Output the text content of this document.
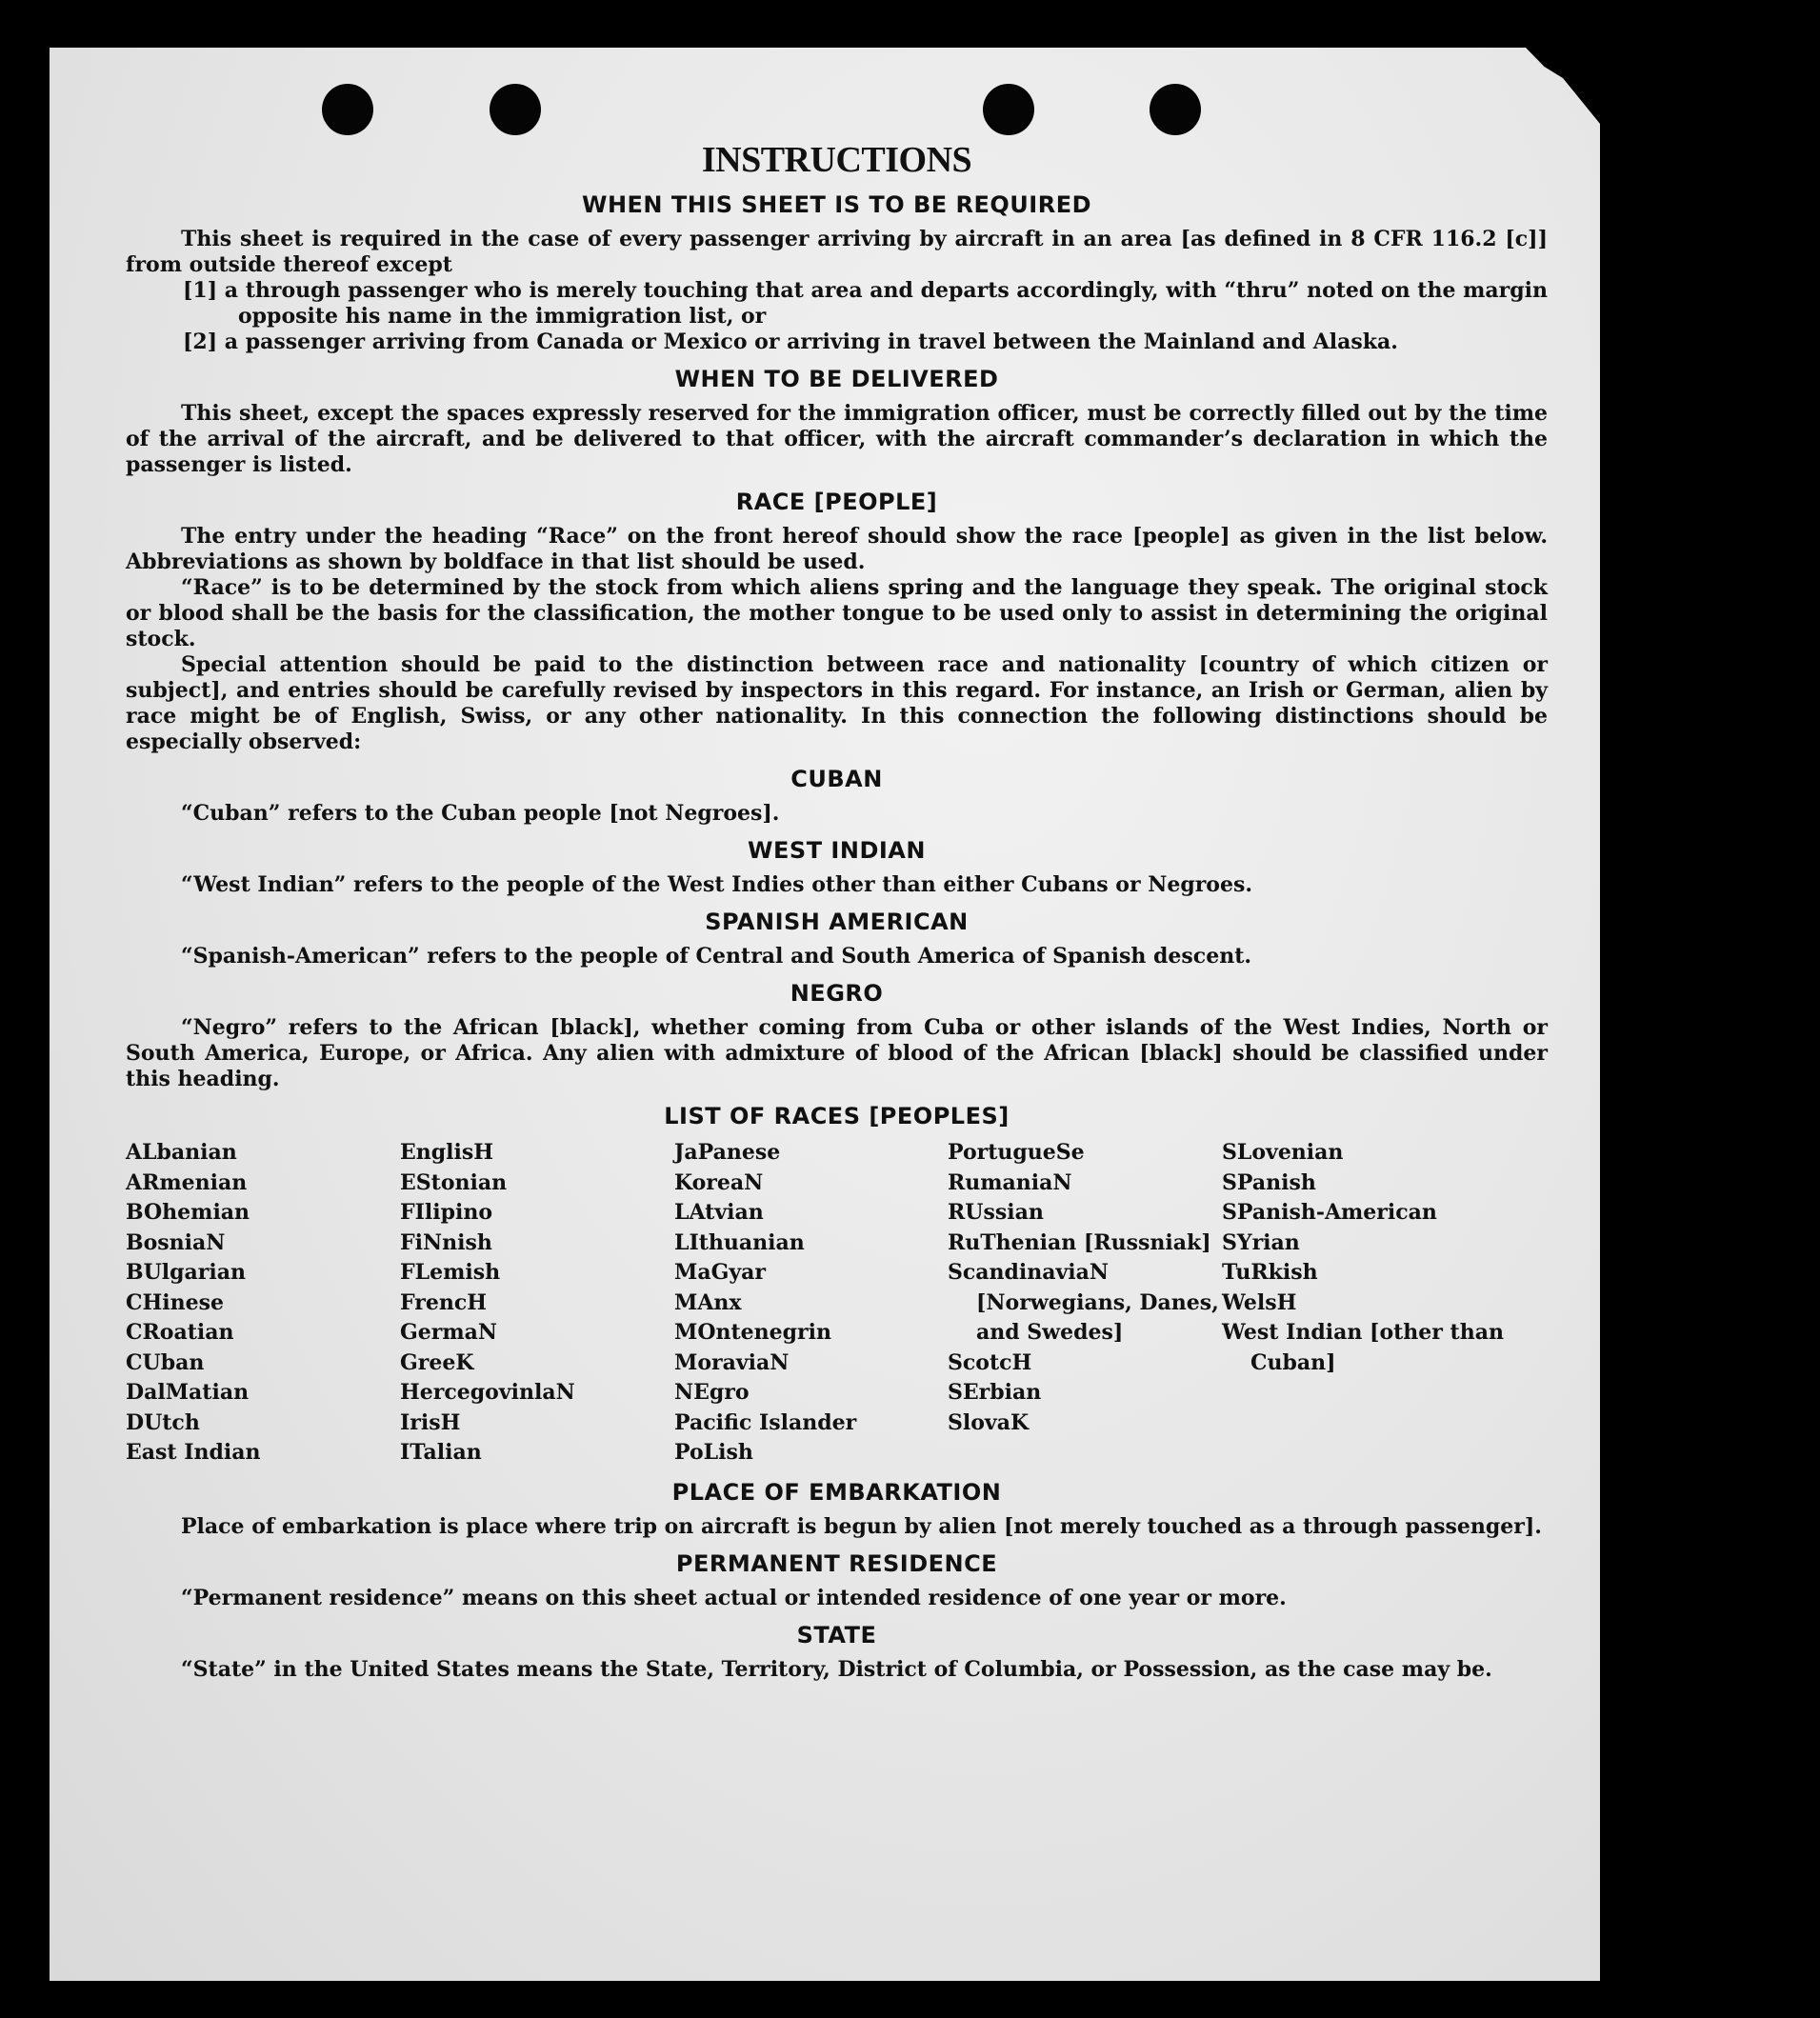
INSTRUCTIONS
WHEN THIS SHEET IS TO BE REQUIRED

This sheet is required in the case of every passenger arriving by aircraft in an area [as defined in 8 CFR 116.2 [c]] from outside thereof except

[1] a through passenger who is merely touching that area and departs accordingly, with “thru” noted on the margin opposite his name in the immigration list, or

[2] a passenger arriving from Canada or Mexico or arriving in travel between the Mainland and Alaska.

WHEN TO BE DELIVERED

This sheet, except the spaces expressly reserved for the immigration officer, must be correctly filled out by the time of the arrival of the aircraft, and be delivered to that officer, with the aircraft commander’s declaration in which the passenger is listed.

RACE [PEOPLE]

The entry under the heading “Race” on the front hereof should show the race [people] as given in the list below. Abbreviations as shown by boldface in that list should be used.

“Race” is to be determined by the stock from which aliens spring and the language they speak. The original stock or blood shall be the basis for the classification, the mother tongue to be used only to assist in determining the original stock.

Special attention should be paid to the distinction between race and nationality [country of which citizen or subject], and entries should be carefully revised by inspectors in this regard. For instance, an Irish or German, alien by race might be of English, Swiss, or any other nationality. In this connection the following distinctions should be especially observed:

CUBAN

“Cuban” refers to the Cuban people [not Negroes].

WEST INDIAN

“West Indian” refers to the people of the West Indies other than either Cubans or Negroes.

SPANISH AMERICAN

“Spanish-American” refers to the people of Central and South America of Spanish descent.

NEGRO

“Negro” refers to the African [black], whether coming from Cuba or other islands of the West Indies, North or South America, Europe, or Africa. Any alien with admixture of blood of the African [black] should be classified under this heading.

LIST OF RACES [PEOPLES]
ALbanian
ARmenian
BOhemian
BosniaN
BUlgarian
CHinese
CRoatian
CUban
DalMatian
DUtch
East Indian
EnglisH
EStonian
FIlipino
FiNnish
FLemish
FrencH
GermaN
GreeK
HercegovinlaN
IrisH
ITalian
JaPanese
KoreaN
LAtvian
LIthuanian
MaGyar
MAnx
MOntenegrin
MoraviaN
NEgro
Pacific Islander
PoLish
PortugueSe
RumaniaN
RUssian
RuThenian [Russniak]
ScandinaviaN [Norwegians, Danes, and Swedes]
ScotcH
SErbian
SlovaK
SLovenian
SPanish
SPanish-American
SYrian
TuRkish
WelsH
West Indian [other than Cuban]
PLACE OF EMBARKATION

Place of embarkation is place where trip on aircraft is begun by alien [not merely touched as a through passenger].

PERMANENT RESIDENCE

“Permanent residence” means on this sheet actual or intended residence of one year or more.

STATE

“State” in the United States means the State, Territory, District of Columbia, or Possession, as the case may be.
